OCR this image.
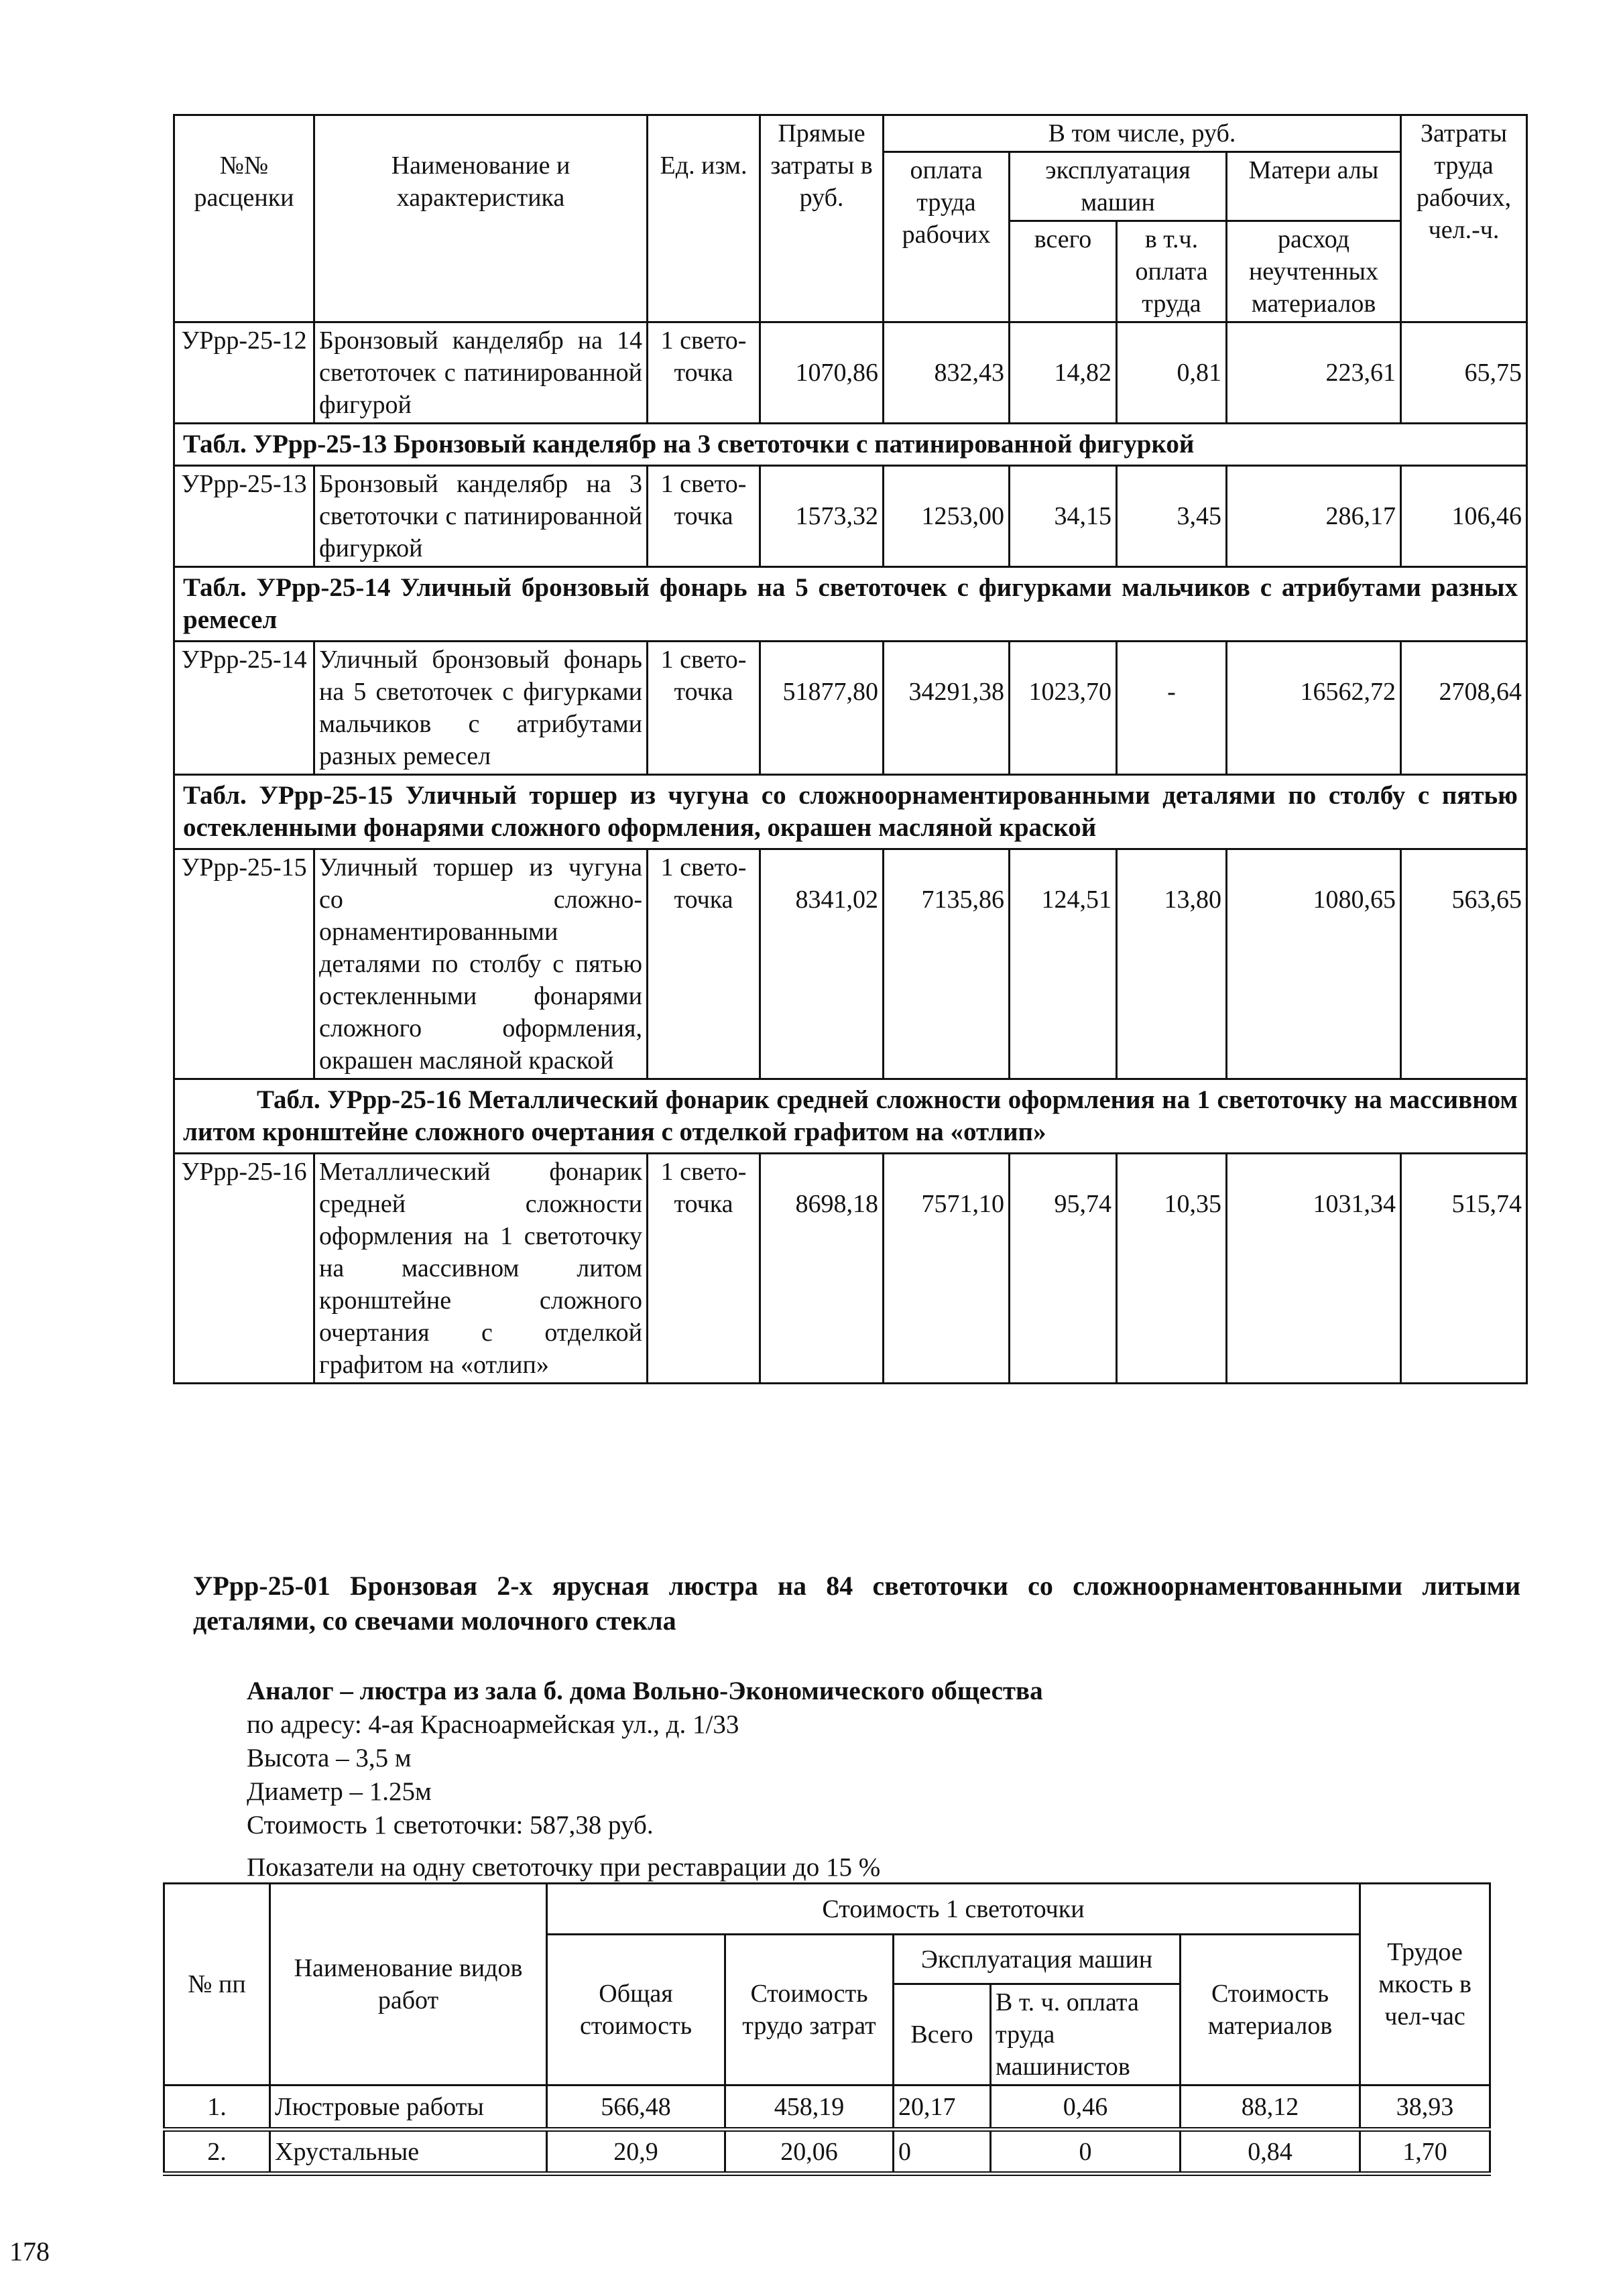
№№ расценки	Наименование и характеристика	Ед. изм.	Прямые затраты в руб.	В том числе, руб.				Затраты труда рабочих, чел.-ч.
				оплата труда рабочих	эксплуатация машин		Матери алы	
					всего	в т.ч. оплата труда	расход неучтенных материалов	
УРрр-25-12	Бронзовый канделябр на 14 светоточек с патинированной фигурой	1 свето-точка	1070,86	832,43	14,82	0,81	223,61	65,75
Табл. УРрр-25-13 Бронзовый канделябр на 3 светоточки с патинированной фигуркой								
УРрр-25-13	Бронзовый канделябр на 3 светоточки с патинированной фигуркой	1 свето-точка	1573,32	1253,00	34,15	3,45	286,17	106,46
Табл. УРрр-25-14 Уличный бронзовый фонарь на 5 светоточек с фигурками мальчиков с атрибутами разных ремесел								
УРрр-25-14	Уличный бронзовый фонарь на 5 светоточек с фигурками мальчиков с атрибутами разных ремесел	1 свето-точка	51877,80	34291,38	1023,70	-	16562,72	2708,64
Табл. УРрр-25-15 Уличный торшер из чугуна со сложноорнаментированными деталями по столбу с пятью остекленными фонарями сложного оформления, окрашен масляной краской								
УРрр-25-15	Уличный торшер из чугуна со сложно-орнаментированными деталями по столбу с пятью остекленными фонарями сложного оформления, окрашен масляной краской	1 свето-точка	8341,02	7135,86	124,51	13,80	1080,65	563,65
Табл. УРрр-25-16 Металлический фонарик средней сложности оформления на 1 светоточку на массивном литом кронштейне сложного очертания с отделкой графитом на «отлип»								
УРрр-25-16	Металлический фонарик средней сложности оформления на 1 светоточку на массивном литом кронштейне сложного очертания с отделкой графитом на «отлип»	1 свето-точка	8698,18	7571,10	95,74	10,35	1031,34	515,74
УРрр-25-01 Бронзовая 2-х ярусная люстра на 84 светоточки со сложноорнаментованными литыми деталями, со свечами молочного стекла
Аналог – люстра из зала б. дома Вольно-Экономического общества
по адресу: 4-ая Красноармейская ул., д. 1/33
Высота – 3,5 м
Диаметр – 1.25м
Стоимость 1 светоточки: 587,38 руб.
Показатели на одну светоточку при реставрации до 15 %
№ пп	Наименование видов работ	Стоимость 1 светоточки					Трудое мкость в чел-час
		Общая стоимость	Стоимость трудо затрат	Эксплуатация машин		Стоимость материалов	
				Всего	В т. ч. оплата труда машинистов		
1.	Люстровые работы	566,48	458,19	20,17	0,46	88,12	38,93
2.	Хрустальные	20,9	20,06	0	0	0,84	1,70
178
